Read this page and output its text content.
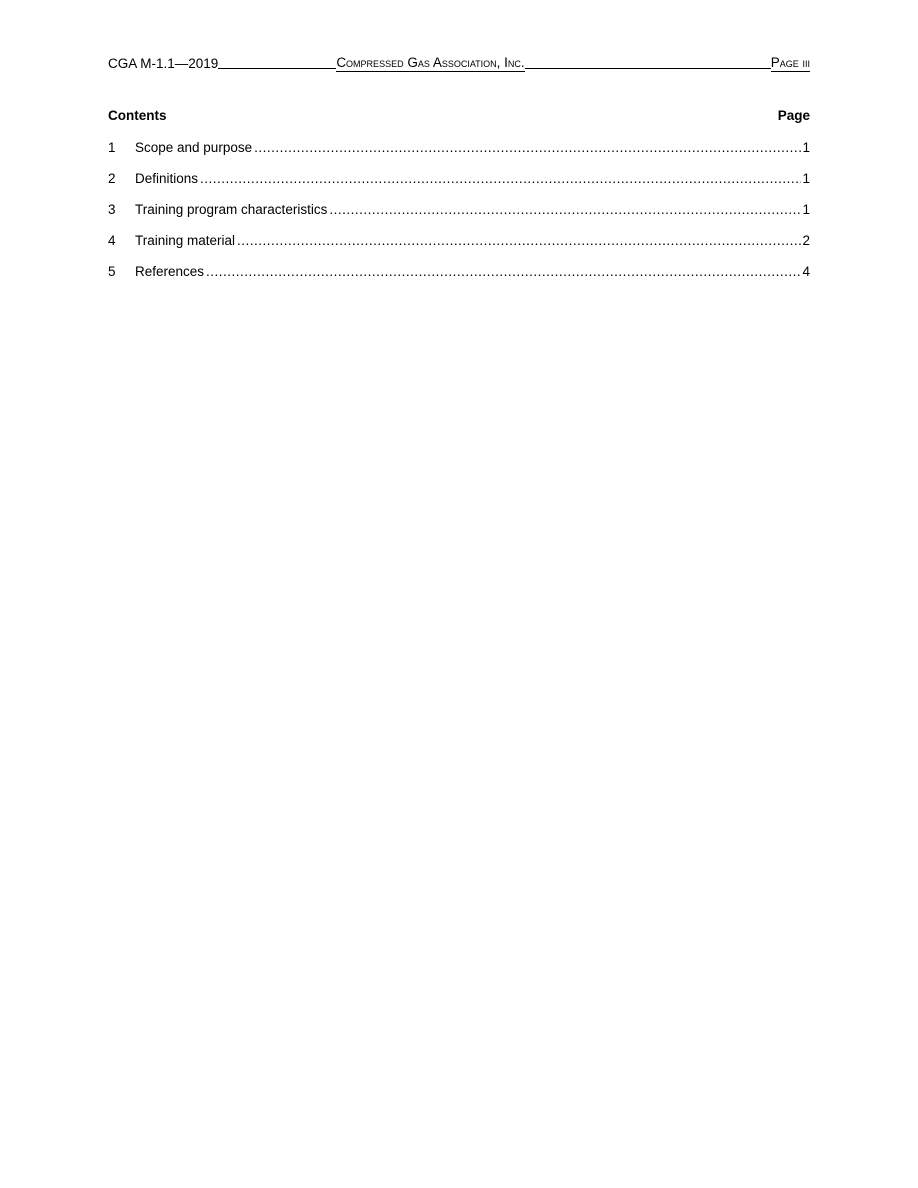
CGA M-1.1—2019	Compressed Gas Association, Inc.	Page iii
Contents	Page
1	Scope and purpose .....	1
2	Definitions .....	1
3	Training program characteristics .....	1
4	Training material .....	2
5	References .....	4
